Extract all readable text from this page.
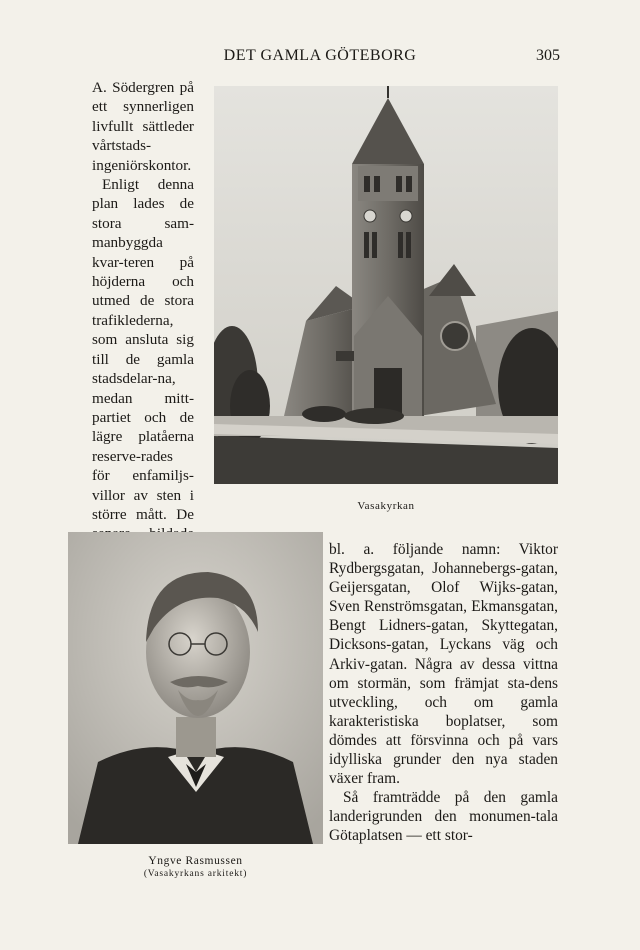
DET GAMLA GÖTEBORG	305

A. Södergren på ett synnerligen livfullt sättleder vårtstads-ingeniörskontor.

Enligt denna plan lades de stora sam-manbyggda kvar-teren på höjderna och utmed de stora trafiklederna, som ansluta sig till de gamla stadsdelar-na, medan mitt-partiet och de lägre platåerna reserve-rades för enfamiljs-villor av sten i större mått. De	Vasakyrkan
Yngve Rasmussen
(Vasakyrkans arkitekt)

bl. a. följande namn: Viktor Rydbergsgatan, Johannebergs-gatan, Geijersgatan, Olof Wijks-gatan, Sven Renströmsgatan, Ekmansgatan, Bengt Lidners-gatan, Skyttegatan, Dicksons-gatan, Lyckans väg och Arkiv-gatan. Några av dessa vittna om stormän, som främjat sta-dens utveckling, och om gamla karakteristiska boplatser, som dömdes att försvinna och på vars idylliska grunder den nya staden växer fram.

Så framträdde på den gamla landerigrunden den monumen-tala Götaplatsen — ett stor-
